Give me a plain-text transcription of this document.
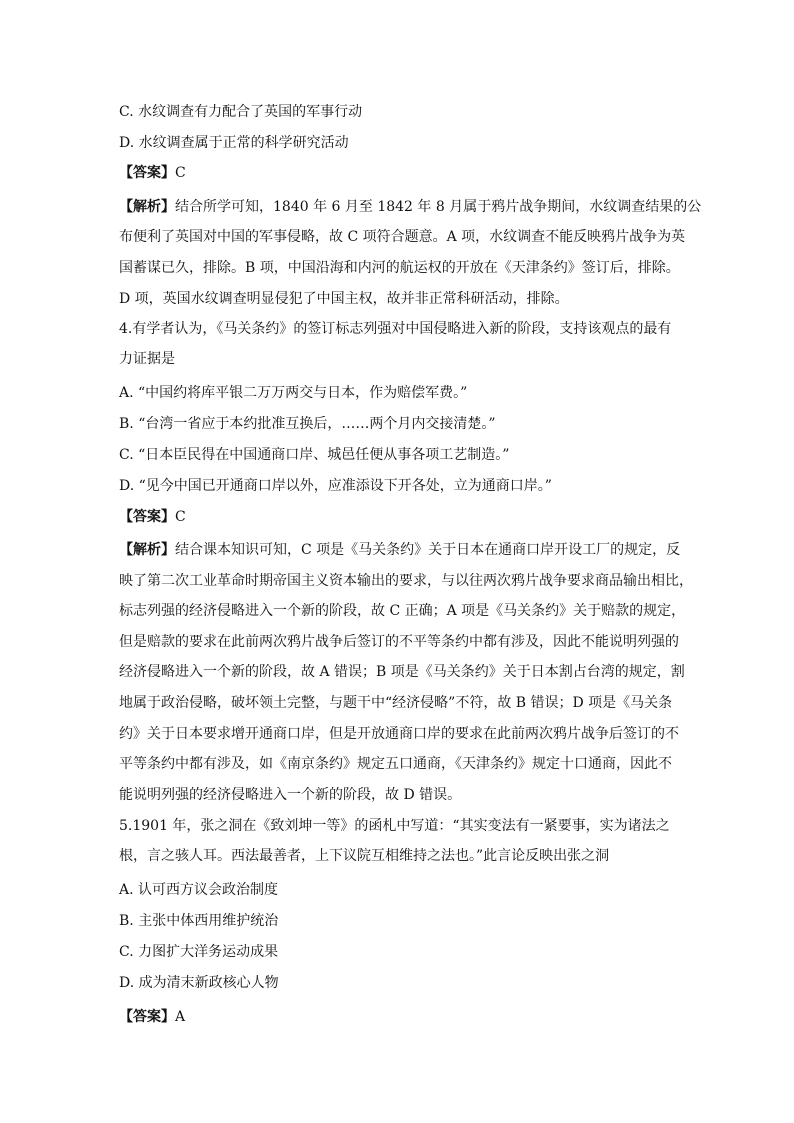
C. 水纹调查有力配合了英国的军事行动
D. 水纹调查属于正常的科学研究活动
【答案】C
【解析】结合所学可知，1840 年 6 月至 1842 年 8 月属于鸦片战争期间，水纹调查结果的公
布便利了英国对中国的军事侵略，故 C 项符合题意。A 项，水纹调查不能反映鸦片战争为英
国蓄谋已久，排除。B 项，中国沿海和内河的航运权的开放在《天津条约》签订后，排除。
D 项，英国水纹调查明显侵犯了中国主权，故并非正常科研活动，排除。
4.有学者认为，《马关条约》的签订标志列强对中国侵略进入新的阶段，支持该观点的最有
力证据是
A. “中国约将库平银二万万两交与日本，作为赔偿军费。”
B. “台湾一省应于本约批准互换后，……两个月内交接清楚。”
C. “日本臣民得在中国通商口岸、城邑任便从事各项工艺制造。”
D. “见今中国已开通商口岸以外，应准添设下开各处，立为通商口岸。”
【答案】C
【解析】结合课本知识可知，C 项是《马关条约》关于日本在通商口岸开设工厂的规定，反
映了第二次工业革命时期帝国主义资本输出的要求，与以往两次鸦片战争要求商品输出相比，
标志列强的经济侵略进入一个新的阶段，故 C 正确；A 项是《马关条约》关于赔款的规定，
但是赔款的要求在此前两次鸦片战争后签订的不平等条约中都有涉及，因此不能说明列强的
经济侵略进入一个新的阶段，故 A 错误；B 项是《马关条约》关于日本割占台湾的规定，割
地属于政治侵略，破坏领土完整，与题干中“经济侵略”不符，故 B 错误；D 项是《马关条
约》关于日本要求增开通商口岸，但是开放通商口岸的要求在此前两次鸦片战争后签订的不
平等条约中都有涉及，如《南京条约》规定五口通商，《天津条约》规定十口通商，因此不
能说明列强的经济侵略进入一个新的阶段，故 D 错误。
5.1901 年，张之洞在《致刘坤一等》的函札中写道：“其实变法有一紧要事，实为诸法之
根，言之骇人耳。西法最善者，上下议院互相维持之法也。”此言论反映出张之洞
A. 认可西方议会政治制度
B. 主张中体西用维护统治
C. 力图扩大洋务运动成果
D. 成为清末新政核心人物
【答案】A
